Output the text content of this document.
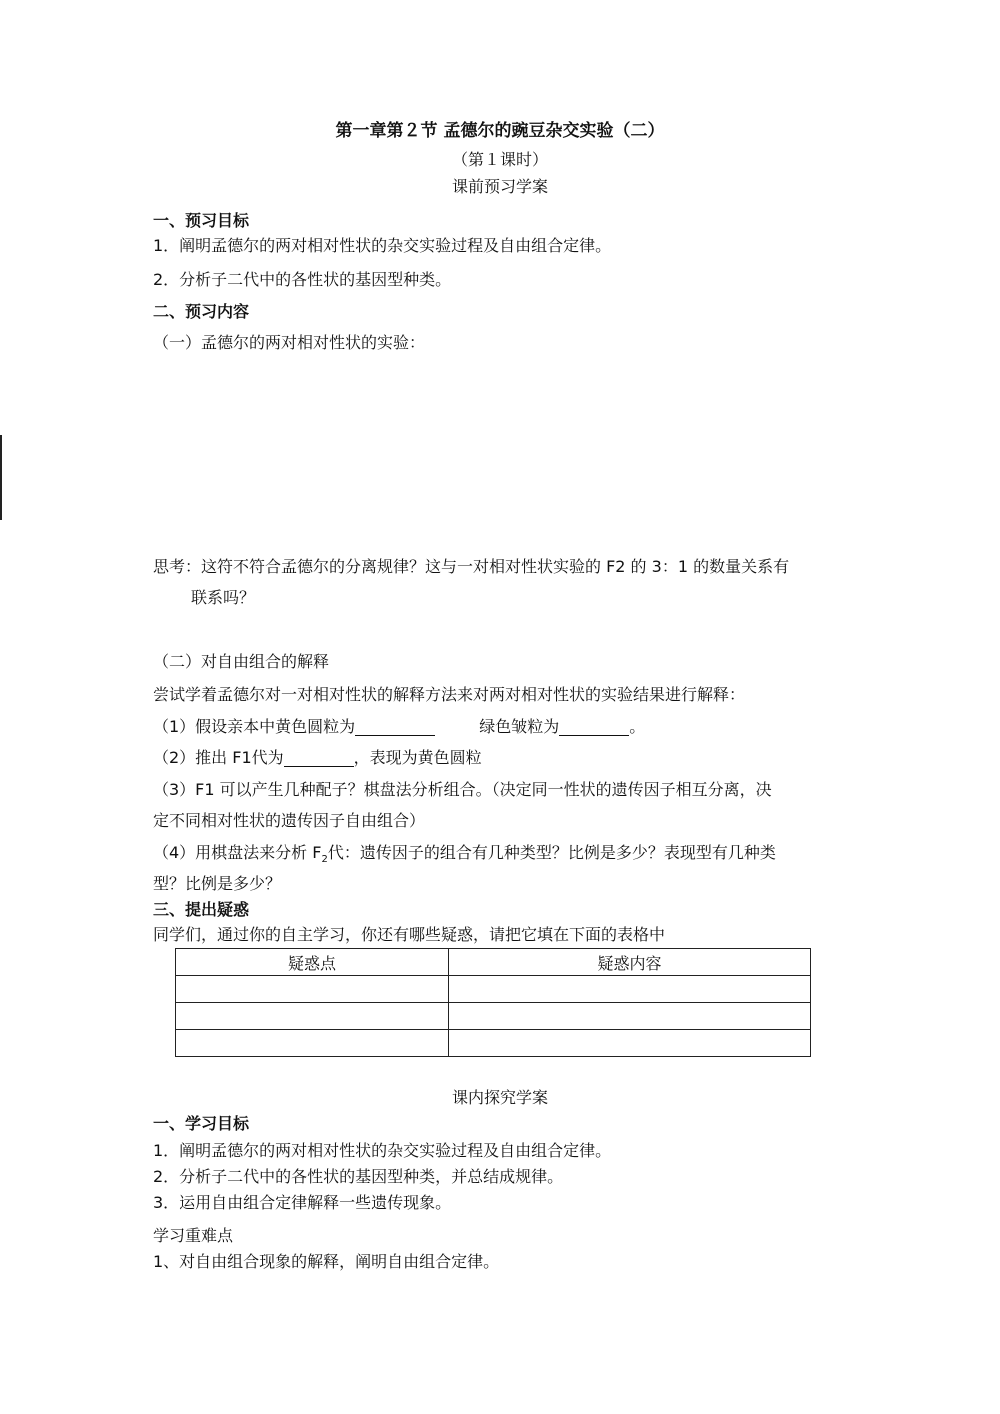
第一章第２节 孟德尔的豌豆杂交实验（二）
（第１课时）
课前预习学案
一、预习目标
1．阐明孟德尔的两对相对性状的杂交实验过程及自由组合定律。
2．分析子二代中的各性状的基因型种类。
二、预习内容
（一）孟德尔的两对相对性状的实验：
思考：这符不符合孟德尔的分离规律？这与一对相对性状实验的 F2 的 3：1 的数量关系有
联系吗？
（二）对自由组合的解释
尝试学着孟德尔对一对相对性状的解释方法来对两对相对性状的实验结果进行解释：
（1）假设亲本中黄色圆粒为	绿色皱粒为	。
（2）推出 F1代为	，表现为黄色圆粒
（3）F1 可以产生几种配子？棋盘法分析组合。（决定同一性状的遗传因子相互分离，决
定不同相对性状的遗传因子自由组合）
（4）用棋盘法来分析 $F_2$代：遗传因子的组合有几种类型？比例是多少？表现型有几种类
型？比例是多少？
三、提出疑惑
同学们，通过你的自主学习，你还有哪些疑惑，请把它填在下面的表格中
疑惑点	疑惑内容

课内探究学案
一、学习目标
1．阐明孟德尔的两对相对性状的杂交实验过程及自由组合定律。
2．分析子二代中的各性状的基因型种类，并总结成规律。
3．运用自由组合定律解释一些遗传现象。
学习重难点
1、对自由组合现象的解释，阐明自由组合定律。
